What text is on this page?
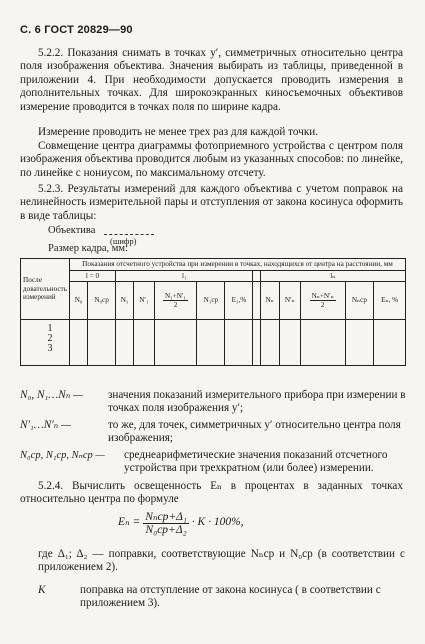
С. 6 ГОСТ 20829—90

5.2.2. Показания снимать в точках y′, симметричных относительно центра поля изображения объектива. Значения выбирать из таблицы, приведенной в приложении 4. При необходимости допускается проводить измерения в дополнительных точках. Для широкоэкранных киносъемочных объективов измерение проводится в точках поля по ширине кадра.

Измерение проводить не менее трех раз для каждой точки.

Совмещение центра диаграммы фотоприемного устройства с центром поля изображения объектива проводится любым из указанных способов: по линейке, по линейке с нониусом, по максимальному отсчету.

5.2.3. Результаты измерений для каждого объектива с учетом поправок на нелинейность измерительной пары и отступления от закона косинуса оформить в виде таблицы:

Объектива
(шифр)
Размер кадра, мм:
После довательность измерений	Показания отсчетного устройства при измерении в точках, находящихся от центра на расстоянии, мм												
	l = 0		l₁						lₙ				
	N₀	N₀ср	N₁	N′₁	$\frac{\text{N₁+N′₁}}{2}$	N₁ср	E₁,%		Nₙ	N′ₙ	$\frac{\text{Nₙ+N′ₙ}}{2}$	Nₙср	Eₙ, %

1
2
3													

N₀, N₁…Nₙ — значения показаний измерительного прибора при измерении в точках поля изображения y′;
N′₁…N′ₙ —	то же, для точек, симметричных y′ относительно центра поля изображения;
N₀ср, N₁ср, Nₙср — среднеарифметические значения показаний отсчетного устройства при трехкратном (или более) измерении.

5.2.4. Вычислить освещенность Eₙ в процентах в заданных точках относительно центра по формуле

$E_n = \frac{\text{Nₙср+Δ₁}}{\text{N₀ср+Δ₂}} \cdot K \cdot 100\%$,

где Δ₁; Δ₂ — поправки, соответствующие Nₙср и N₀ср (в соответствии с приложением 2).

K	поправка на отступление от закона косинуса ( в соответствии с приложением 3).
